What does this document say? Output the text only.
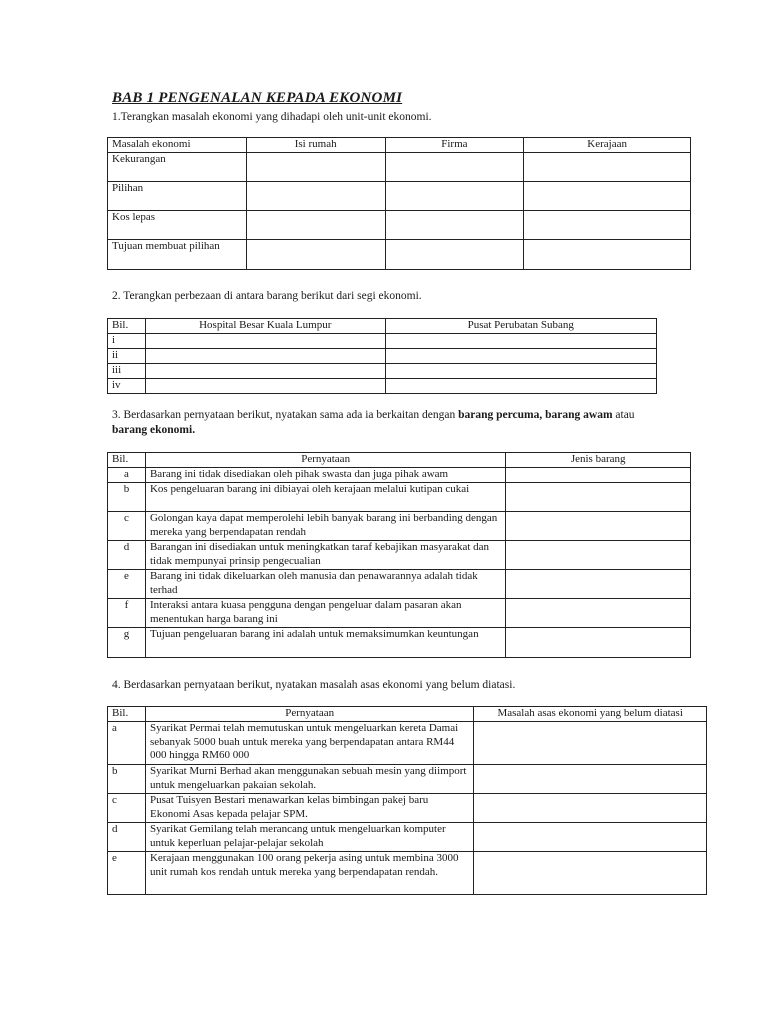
BAB 1 PENGENALAN KEPADA EKONOMI
1.Terangkan masalah ekonomi yang dihadapi oleh unit-unit ekonomi.
Masalah ekonomi	Isi rumah	Firma	Kerajaan
Kekurangan			
Pilihan			
Kos lepas			
Tujuan membuat pilihan			
2. Terangkan perbezaan di antara barang berikut dari segi ekonomi.
Bil.	Hospital Besar Kuala Lumpur	Pusat Perubatan Subang
i		
ii		
iii		
iv		
3. Berdasarkan pernyataan berikut, nyatakan sama ada ia berkaitan dengan barang percuma, barang awam atau barang ekonomi.
Bil.	Pernyataan	Jenis barang
a	Barang ini tidak disediakan oleh pihak swasta dan juga pihak awam	
b	Kos pengeluaran barang ini dibiayai oleh kerajaan melalui kutipan cukai	
c	Golongan kaya dapat memperolehi lebih banyak barang ini berbanding dengan mereka yang berpendapatan rendah	
d	Barangan ini disediakan untuk meningkatkan taraf kebajikan masyarakat dan tidak mempunyai prinsip pengecualian	
e	Barang ini tidak dikeluarkan oleh manusia dan penawarannya adalah tidak terhad	
f	Interaksi antara kuasa pengguna dengan pengeluar dalam pasaran akan menentukan harga barang ini	
g	Tujuan pengeluaran barang ini adalah untuk memaksimumkan keuntungan	
4. Berdasarkan pernyataan berikut, nyatakan masalah asas ekonomi yang belum diatasi.
Bil.	Pernyataan	Masalah asas ekonomi yang belum diatasi
a	Syarikat Permai telah memutuskan untuk mengeluarkan kereta Damai sebanyak 5000 buah untuk mereka yang berpendapatan antara RM44 000 hingga RM60 000	
b	Syarikat Murni Berhad akan menggunakan sebuah mesin yang diimport untuk mengeluarkan pakaian sekolah.	
c	Pusat Tuisyen Bestari menawarkan kelas bimbingan pakej baru Ekonomi Asas kepada pelajar SPM.	
d	Syarikat Gemilang telah merancang untuk mengeluarkan komputer untuk keperluan pelajar-pelajar sekolah	
e	Kerajaan menggunakan 100 orang pekerja asing untuk membina 3000 unit rumah kos rendah untuk mereka yang berpendapatan rendah.	
